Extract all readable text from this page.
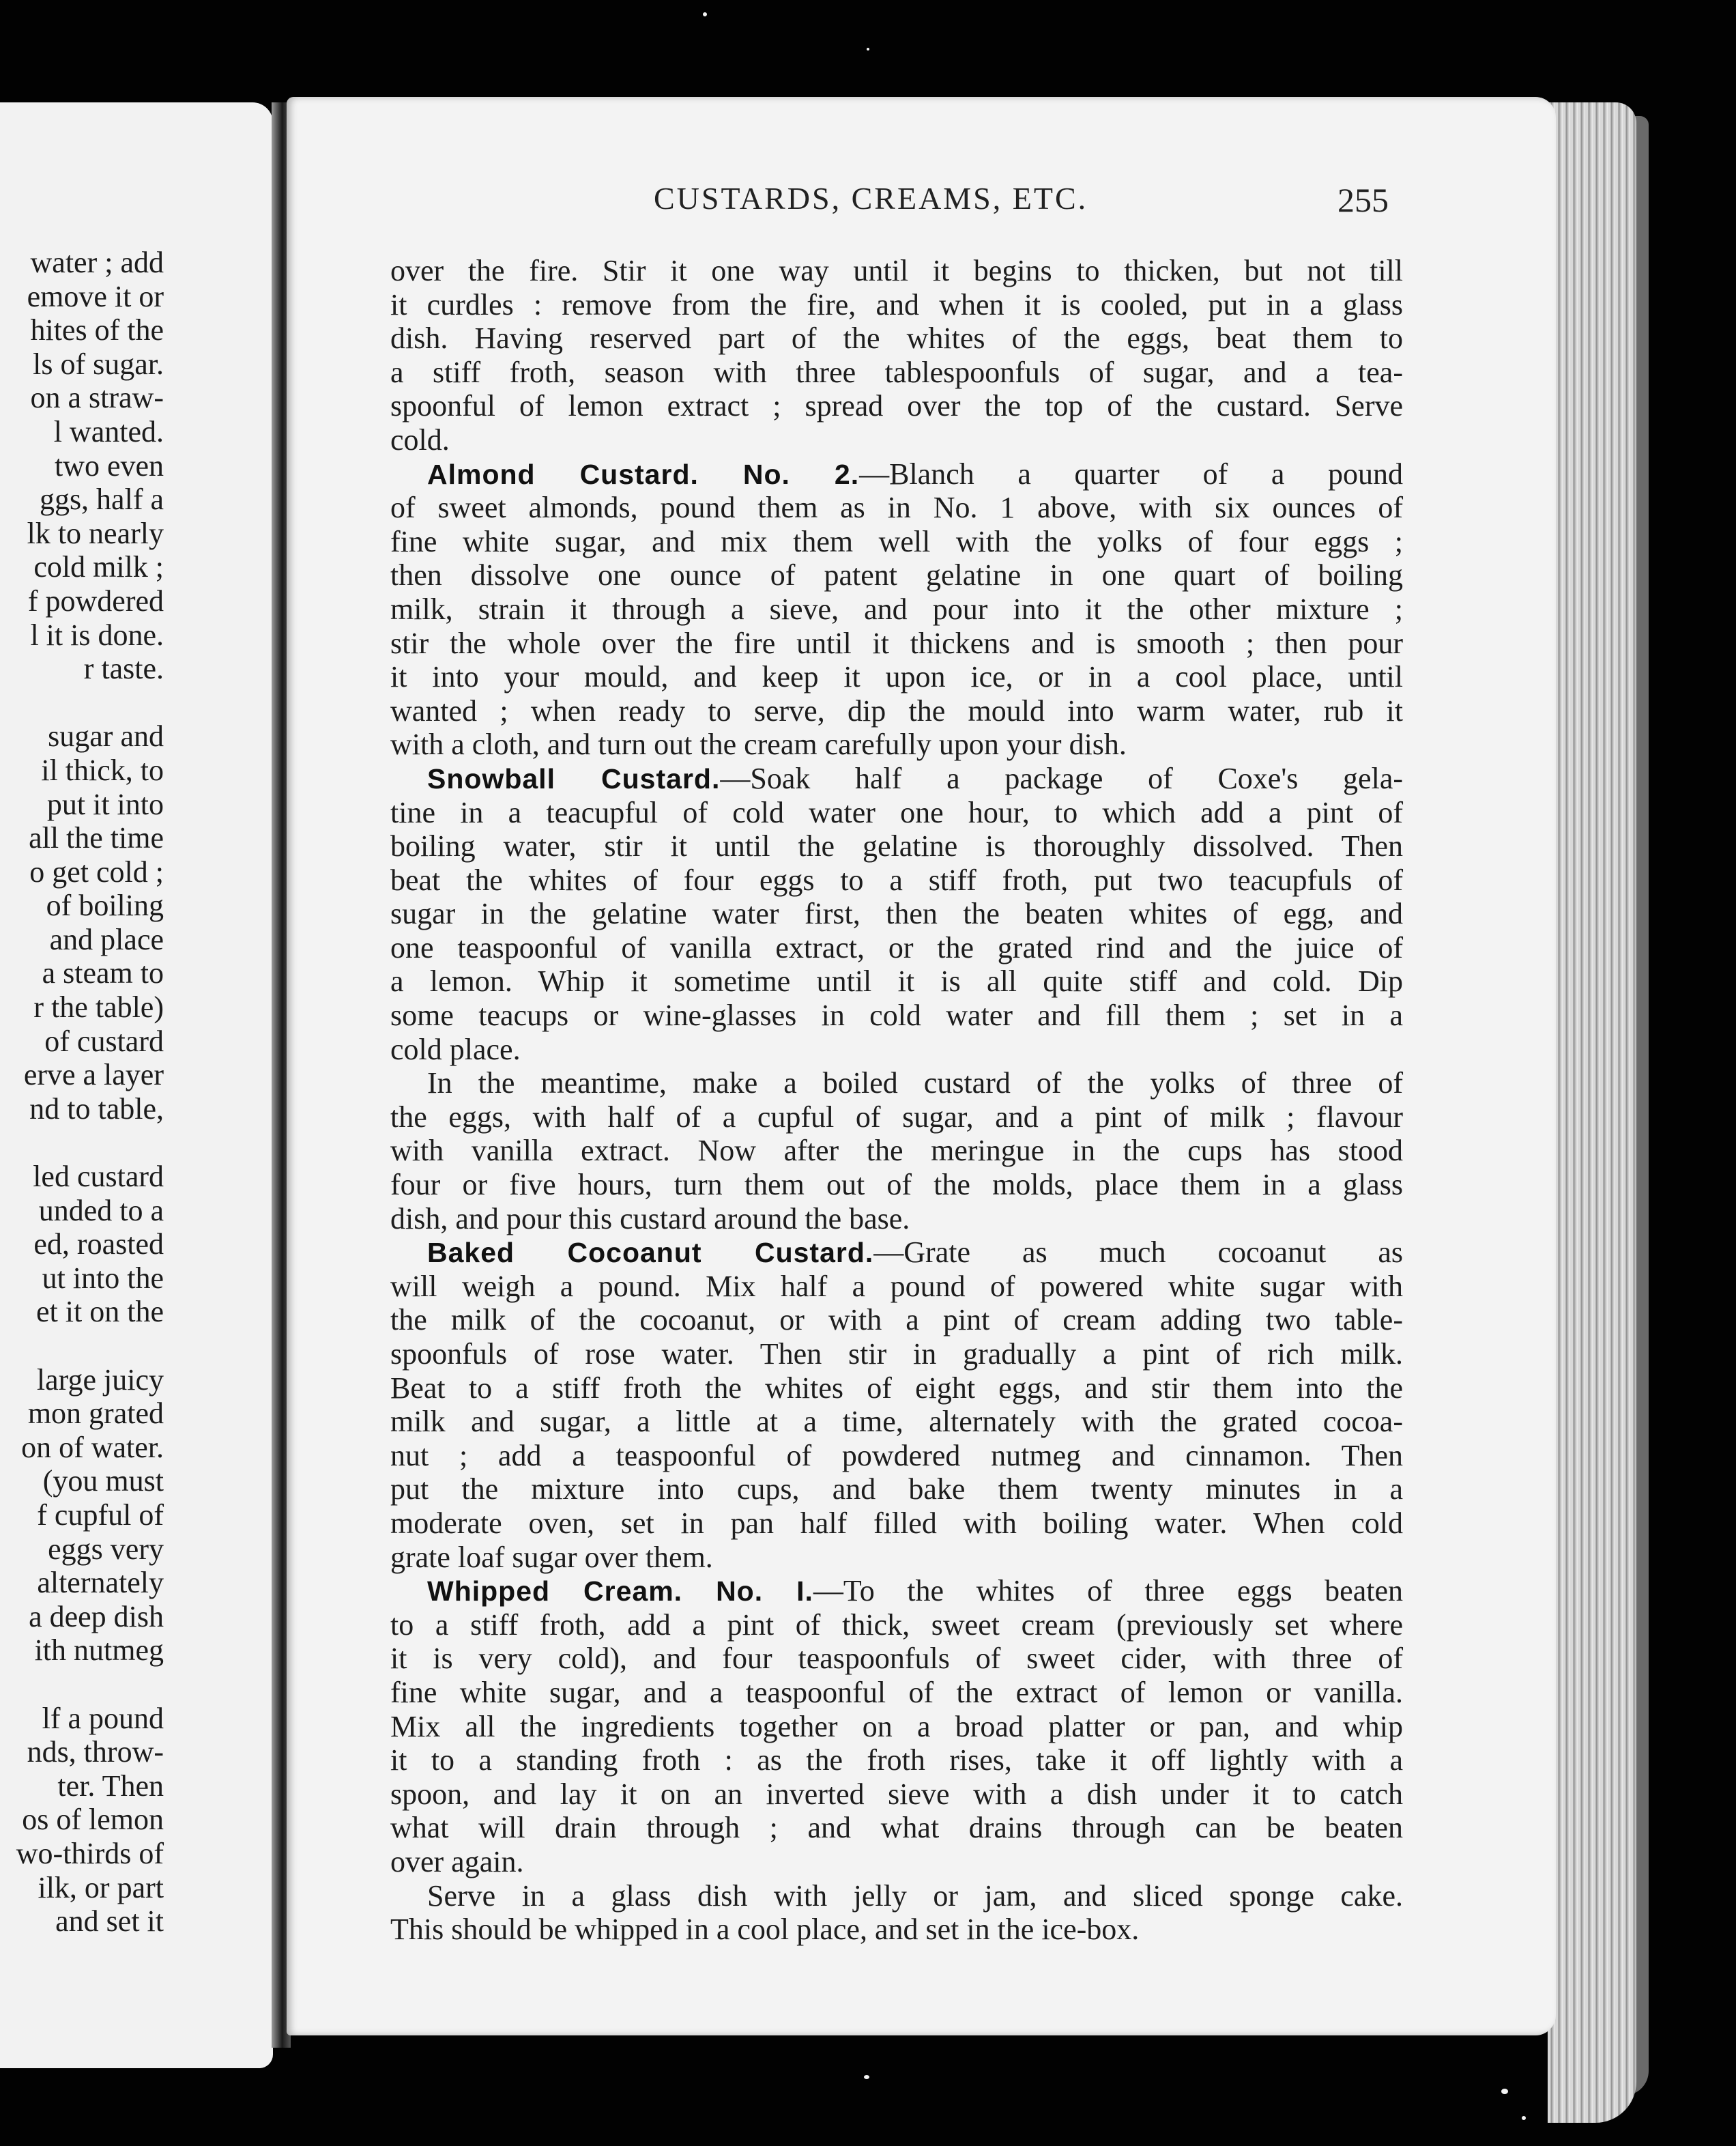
water ; add
emove it or
hites of the
ls of sugar.
on a straw-
l wanted.
two even
ggs, half a
lk to nearly
cold milk ;
f powdered
l it is done.
r taste.
sugar and
il thick, to
put it into
all the time
o get cold ;
of boiling
and place
a steam to
r the table)
of custard
erve a layer
nd to table,
led custard
unded to a
ed, roasted
ut into the
et it on the
large juicy
mon grated
on of water.
(you must
f cupful of
eggs very
alternately
a deep dish
ith nutmeg
lf a pound
nds, throw-
ter. Then
os of lemon
wo-thirds of
ilk, or part
and set it
CUSTARDS, CREAMS, ETC.	255
over the fire. Stir it one way until it begins to thicken, but not till
it curdles : remove from the fire, and when it is cooled, put in a glass
dish. Having reserved part of the whites of the eggs, beat them to
a stiff froth, season with three tablespoonfuls of sugar, and a tea-
spoonful of lemon extract ; spread over the top of the custard. Serve
cold.
Almond Custard. No. 2.—Blanch a quarter of a pound
of sweet almonds, pound them as in No. 1 above, with six ounces of
fine white sugar, and mix them well with the yolks of four eggs ;
then dissolve one ounce of patent gelatine in one quart of boiling
milk, strain it through a sieve, and pour into it the other mixture ;
stir the whole over the fire until it thickens and is smooth ; then pour
it into your mould, and keep it upon ice, or in a cool place, until
wanted ; when ready to serve, dip the mould into warm water, rub it
with a cloth, and turn out the cream carefully upon your dish.
Snowball Custard.—Soak half a package of Coxe's gela-
tine in a teacupful of cold water one hour, to which add a pint of
boiling water, stir it until the gelatine is thoroughly dissolved. Then
beat the whites of four eggs to a stiff froth, put two teacupfuls of
sugar in the gelatine water first, then the beaten whites of egg, and
one teaspoonful of vanilla extract, or the grated rind and the juice of
a lemon. Whip it sometime until it is all quite stiff and cold. Dip
some teacups or wine-glasses in cold water and fill them ; set in a
cold place.
In the meantime, make a boiled custard of the yolks of three of
the eggs, with half of a cupful of sugar, and a pint of milk ; flavour
with vanilla extract. Now after the meringue in the cups has stood
four or five hours, turn them out of the molds, place them in a glass
dish, and pour this custard around the base.
Baked Cocoanut Custard.—Grate as much cocoanut as
will weigh a pound. Mix half a pound of powered white sugar with
the milk of the cocoanut, or with a pint of cream adding two table-
spoonfuls of rose water. Then stir in gradually a pint of rich milk.
Beat to a stiff froth the whites of eight eggs, and stir them into the
milk and sugar, a little at a time, alternately with the grated cocoa-
nut ; add a teaspoonful of powdered nutmeg and cinnamon. Then
put the mixture into cups, and bake them twenty minutes in a
moderate oven, set in pan half filled with boiling water. When cold
grate loaf sugar over them.
Whipped Cream. No. I.—To the whites of three eggs beaten
to a stiff froth, add a pint of thick, sweet cream (previously set where
it is very cold), and four teaspoonfuls of sweet cider, with three of
fine white sugar, and a teaspoonful of the extract of lemon or vanilla.
Mix all the ingredients together on a broad platter or pan, and whip
it to a standing froth : as the froth rises, take it off lightly with a
spoon, and lay it on an inverted sieve with a dish under it to catch
what will drain through ; and what drains through can be beaten
over again.
Serve in a glass dish with jelly or jam, and sliced sponge cake.
This should be whipped in a cool place, and set in the ice-box.
